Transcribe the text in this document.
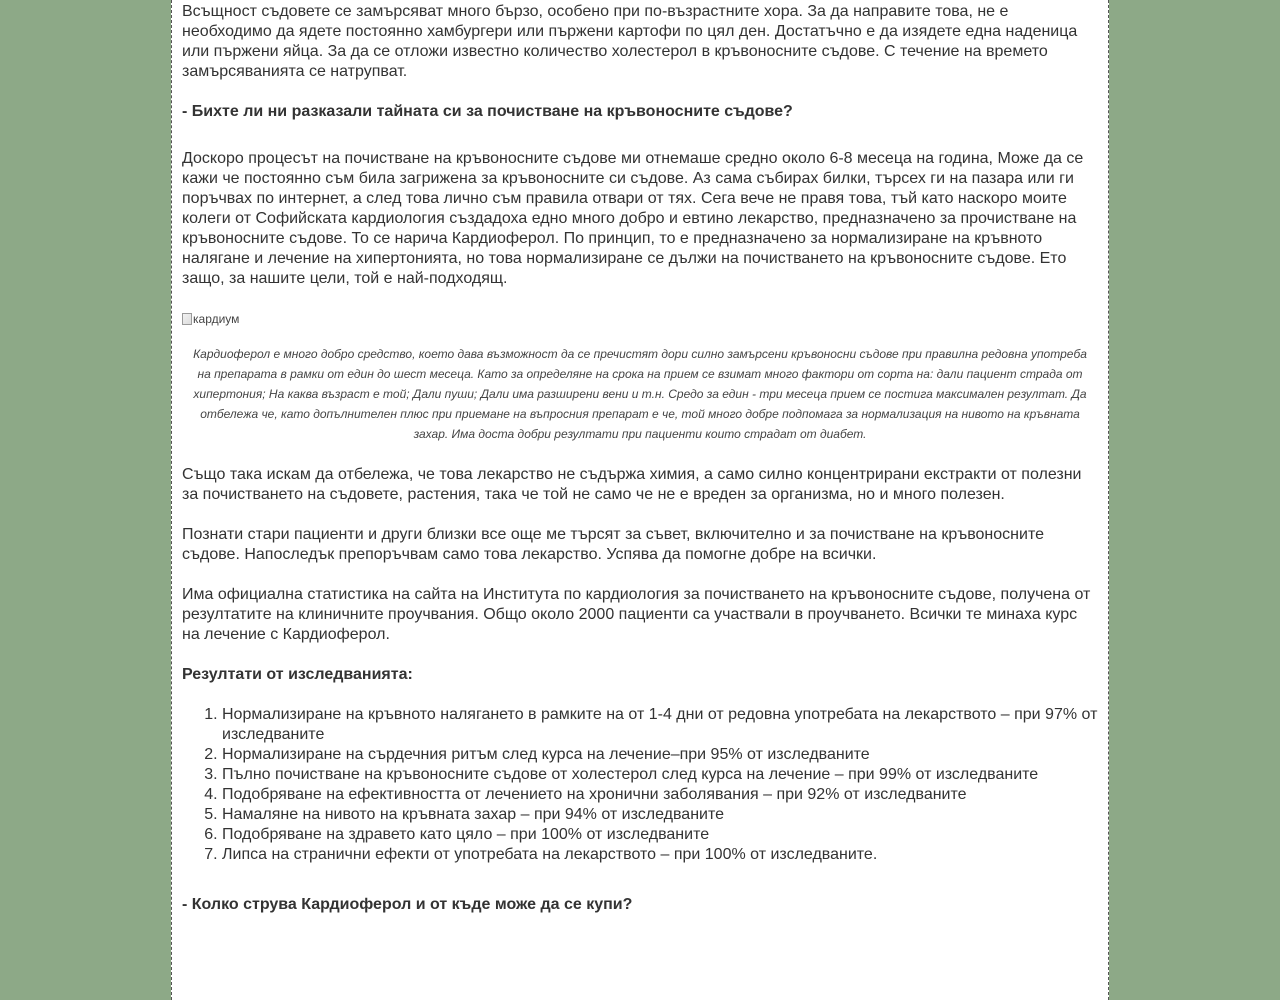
Всъщност съдовете се замърсяват много бързо, особено при по-възрастните хора. За да направите това, не е необходимо да ядете постоянно хамбургери или пържени картофи по цял ден. Достатъчно е да изядете една наденица или пържени яйца. За да се отложи известно количество холестерол в кръвоносните съдове. С течение на времето замърсяванията се натрупват.

- Бихте ли ни разказали тайната си за почистване на кръвоносните съдове?

Доскоро процесът на почистване на кръвоносните съдове ми отнемаше средно около 6-8 месеца на година, Може да се кажи че постоянно съм била загрижена за кръвоносните си съдове. Аз сама събирах билки, търсех ги на пазара или ги поръчвах по интернет, а след това лично съм правила отвари от тях. Сега вече не правя това, тъй като наскоро моите колеги от Софийската кардиология създадоха едно много добро и евтино лекарство, предназначено за прочистване на кръвоносните съдове. То се нарича Кардиоферол. По принцип, то е предназначено за нормализиране на кръвното налягане и лечение на хипертонията, но това нормализиране се дължи на почистването на кръвоносните съдове. Ето защо, за нашите цели, той е най-подходящ.

кардиум

Кардиоферол е много добро средство, което дава възможност да се пречистят дори силно замърсени кръвоносни съдове при правилна редовна употреба на препарата в рамки от един до шест месеца. Като за определяне на срока на прием се взимат много фактори от сорта на: дали пациент страда от хипертония; На каква възраст е той; Дали пуши; Дали има разширени вени и т.н. Средо за един - три месеца прием се постига максимален резултат. Да отбележа че, като допълнителен плюс при приемане на въпросния препарат е че, той много добре подпомага за нормализация на нивото на кръвната захар. Има доста добри резултати при пациенти които страдат от диабет.

Също така искам да отбележа, че това лекарство не съдържа химия, а само силно концентрирани екстракти от полезни за почистването на съдовете, растения, така че той не само че не е вреден за организма, но и много полезен.

Познати стари пациенти и други близки все още ме търсят за съвет, включително и за почистване на кръвоносните съдове. Напоследък препоръчвам само това лекарство. Успява да помогне добре на всички.

Има официална статистика на сайта на Института по кардиология за почистването на кръвоносните съдове, получена от резултатите на клиничните проучвания. Общо около 2000 пациенти са участвали в проучването. Всички те минаха курс на лечение с Кардиоферол.

Резултати от изследванията:

1. Нормализиране на кръвното налягането в рамките на от 1-4 дни от редовна употребата на лекарството – при 97% от изследваните
2. Нормализиране на сърдечния ритъм след курса на лечение–при 95% от изследваните
3. Пълно почистване на кръвоносните съдове от холестерол след курса на лечение – при 99% от изследваните
4. Подобряване на ефективността от лечението на хронични заболявания – при 92% от изследваните
5. Намаляне на нивото на кръвната захар – при 94% от изследваните
6. Подобряване на здравето като цяло – при 100% от изследваните
7. Липса на странични ефекти от употребата на лекарството – при 100% от изследваните.

- Колко струва Кардиоферол и от къде може да се купи?
